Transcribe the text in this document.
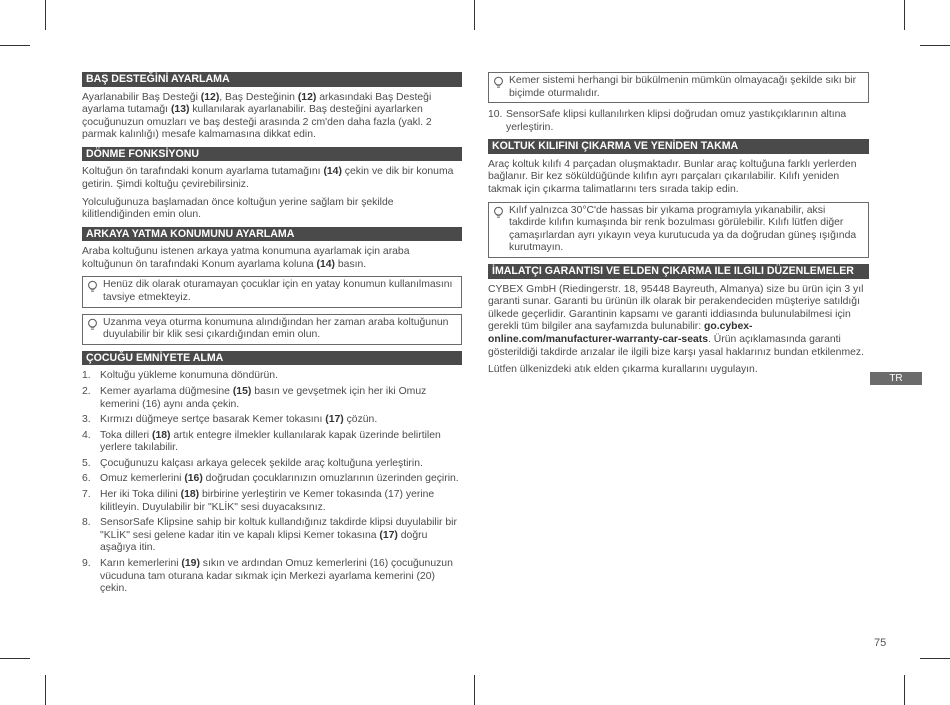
BAŞ DESTEĞİNİ AYARLAMA

Ayarlanabilir Baş Desteği (12), Baş Desteğinin (12) arkasındaki Baş Desteği ayarlama tutamağı (13) kullanılarak ayarlanabilir. Baş desteğini ayarlarken çocuğunuzun omuzları ve baş desteği arasında 2 cm'den daha fazla (yakl. 2 parmak kalınlığı) mesafe kalmamasına dikkat edin.

DÖNME FONKSİYONU

Koltuğun ön tarafındaki konum ayarlama tutamağını (14) çekin ve dik bir konuma getirin. Şimdi koltuğu çevirebilirsiniz.

Yolculuğunuza başlamadan önce koltuğun yerine sağlam bir şekilde kilitlendiğinden emin olun.

ARKAYA YATMA KONUMUNU AYARLAMA

Araba koltuğunu istenen arkaya yatma konumuna ayarlamak için araba koltuğunun ön tarafındaki Konum ayarlama koluna (14) basın.

Henüz dik olarak oturamayan çocuklar için en yatay konumun kullanılmasını tavsiye etmekteyiz.
Uzanma veya oturma konumuna alındığından her zaman araba koltuğunun duyulabilir bir klik sesi çıkardığından emin olun.
ÇOCUĞU EMNİYETE ALMA
1. Koltuğu yükleme konumuna döndürün.
2. Kemer ayarlama düğmesine (15) basın ve gevşetmek için her iki Omuz kemerini (16) aynı anda çekin.
3. Kırmızı düğmeye sertçe basarak Kemer tokasını (17) çözün.
4. Toka dilleri (18) artık entegre ilmekler kullanılarak kapak üzerinde belirtilen yerlere takılabilir.
5. Çocuğunuzu kalçası arkaya gelecek şekilde araç koltuğuna yerleştirin.
6. Omuz kemerlerini (16) doğrudan çocuklarınızın omuzlarının üzerinden geçirin.
7. Her iki Toka dilini (18) birbirine yerleştirin ve Kemer tokasında (17) yerine kilitleyin. Duyulabilir bir "KLİK" sesi duyacaksınız.
8. SensorSafe Klipsine sahip bir koltuk kullandığınız takdirde klipsi duyulabilir bir "KLİK" sesi gelene kadar itin ve kapalı klipsi Kemer tokasına (17) doğru aşağıya itin.
9. Karın kemerlerini (19) sıkın ve ardından Omuz kemerlerini (16) çocuğunuzun vücuduna tam oturana kadar sıkmak için Merkezi ayarlama kemerini (20) çekin.
Kemer sistemi herhangi bir bükülmenin mümkün olmayacağı şekilde sıkı bir biçimde oturmalıdır.
10. SensorSafe klipsi kullanılırken klipsi doğrudan omuz yastıkçıklarının altına yerleştirin.
KOLTUK KILIFINI ÇIKARMA VE YENİDEN TAKMA

Araç koltuk kılıfı 4 parçadan oluşmaktadır. Bunlar araç koltuğuna farklı yerlerden bağlanır. Bir kez söküldüğünde kılıfın ayrı parçaları çıkarılabilir. Kılıfı yeniden takmak için çıkarma talimatlarını ters sırada takip edin.

Kılıf yalnızca 30°C'de hassas bir yıkama programıyla yıkanabilir, aksi takdirde kılıfın kumaşında bir renk bozulması görülebilir. Kılıfı lütfen diğer çamaşırlardan ayrı yıkayın veya kurutucuda ya da doğrudan güneş ışığında kurutmayın.
İMALATÇI GARANTISI VE ELDEN ÇIKARMA ILE ILGILI DÜZENLEMELER

CYBEX GmbH (Riedingerstr. 18, 95448 Bayreuth, Almanya) size bu ürün için 3 yıl garanti sunar. Garanti bu ürünün ilk olarak bir perakendeciden müşteriye satıldığı ülkede geçerlidir. Garantinin kapsamı ve garanti iddiasında bulunulabilmesi için gerekli tüm bilgiler ana sayfamızda bulunabilir: go.cybex-online.com/manufacturer-warranty-car-seats. Ürün açıklamasında garanti gösterildiği takdirde arızalar ile ilgili bize karşı yasal haklarınız bundan etkilenmez.

Lütfen ülkenizdeki atık elden çıkarma kurallarını uygulayın.

TR
75
